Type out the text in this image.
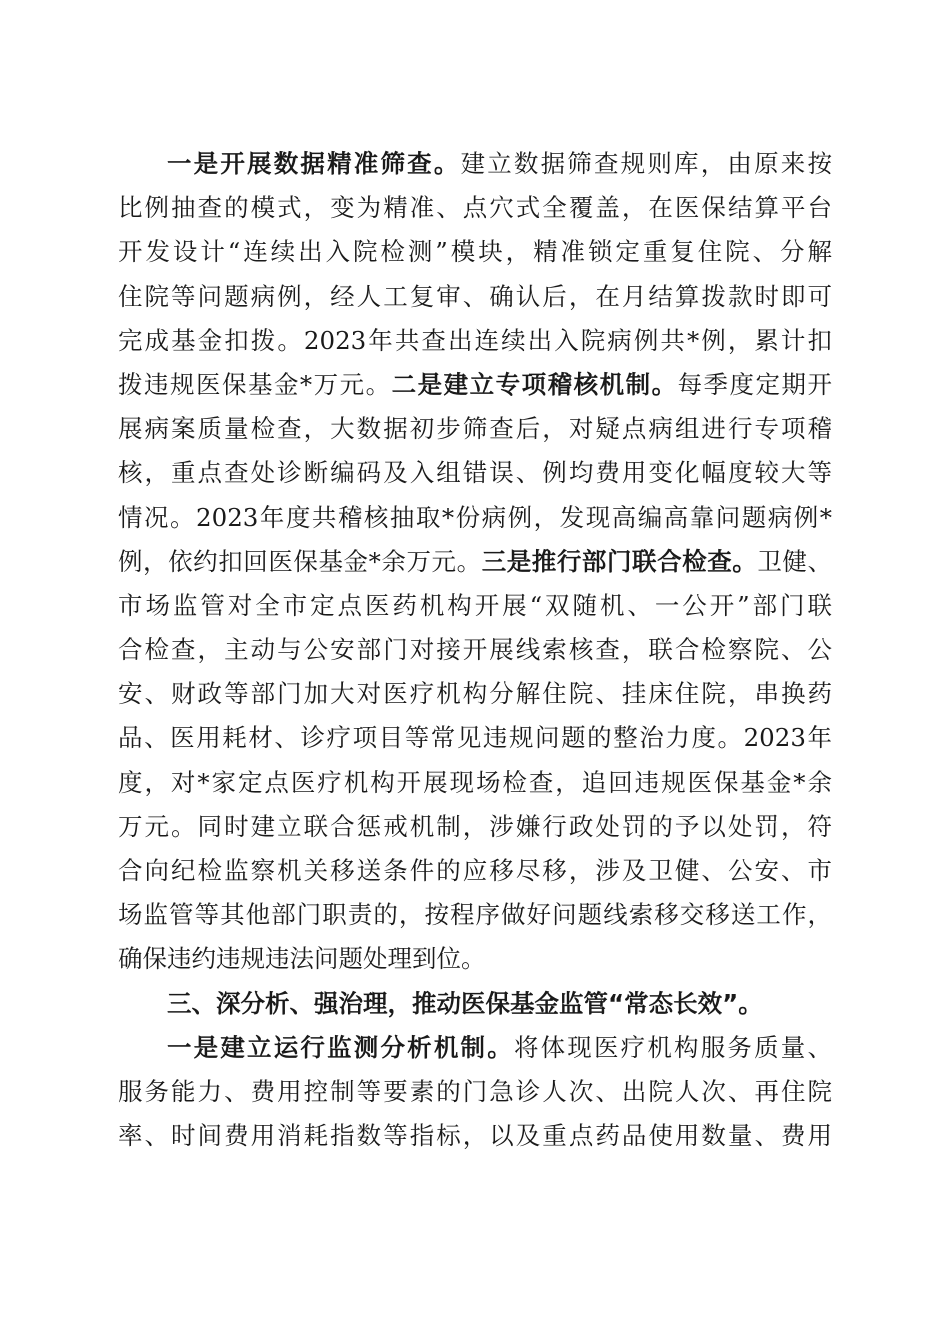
一是开展数据精准筛查。建立数据筛查规则库，由原来按
比例抽查的模式，变为精准、点穴式全覆盖，在医保结算平台
开发设计“连续出入院检测”模块，精准锁定重复住院、分解
住院等问题病例，经人工复审、确认后，在月结算拨款时即可
完成基金扣拨。2023年共查出连续出入院病例共*例，累计扣
拨违规医保基金*万元。二是建立专项稽核机制。每季度定期开
展病案质量检查，大数据初步筛查后，对疑点病组进行专项稽
核，重点查处诊断编码及入组错误、例均费用变化幅度较大等
情况。2023年度共稽核抽取*份病例，发现高编高靠问题病例*
例，依约扣回医保基金*余万元。三是推行部门联合检查。卫健、
市场监管对全市定点医药机构开展“双随机、一公开”部门联
合检查，主动与公安部门对接开展线索核查，联合检察院、公
安、财政等部门加大对医疗机构分解住院、挂床住院，串换药
品、医用耗材、诊疗项目等常见违规问题的整治力度。2023年
度，对*家定点医疗机构开展现场检查，追回违规医保基金*余
万元。同时建立联合惩戒机制，涉嫌行政处罚的予以处罚，符
合向纪检监察机关移送条件的应移尽移，涉及卫健、公安、市
场监管等其他部门职责的，按程序做好问题线索移交移送工作，
确保违约违规违法问题处理到位。
三、深分析、强治理，推动医保基金监管“常态长效”。
一是建立运行监测分析机制。将体现医疗机构服务质量、
服务能力、费用控制等要素的门急诊人次、出院人次、再住院
率、时间费用消耗指数等指标，以及重点药品使用数量、费用
